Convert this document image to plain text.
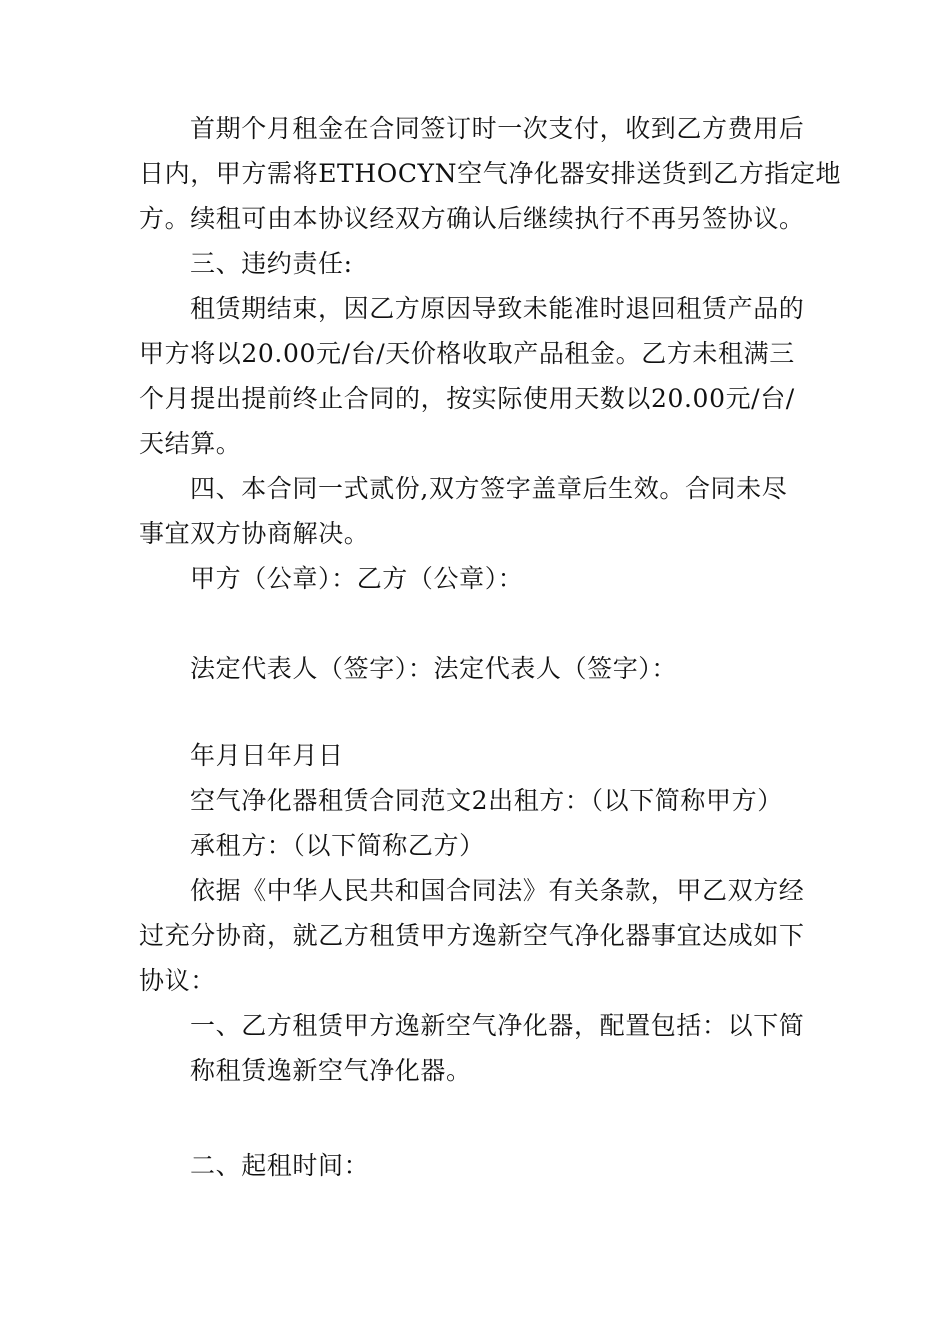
首期个月租金在合同签订时一次支付，收到乙方费用后
日内，甲方需将ETHOCYN空气净化器安排送货到乙方指定地
方。续租可由本协议经双方确认后继续执行不再另签协议。
三、违约责任:
租赁期结束，因乙方原因导致未能准时退回租赁产品的
甲方将以20.00元/台/天价格收取产品租金。乙方未租满三
个月提出提前终止合同的，按实际使用天数以20.00元/台/
天结算。
四、本合同一式贰份,双方签字盖章后生效。合同未尽
事宜双方协商解决。
甲方（公章）：乙方（公章）：
法定代表人（签字）：法定代表人（签字）：
年月日年月日
空气净化器租赁合同范文2出租方：（以下简称甲方）
承租方：（以下简称乙方）
依据《中华人民共和国合同法》有关条款，甲乙双方经
过充分协商，就乙方租赁甲方逸新空气净化器事宜达成如下
协议：
一、乙方租赁甲方逸新空气净化器，配置包括：以下简
称租赁逸新空气净化器。
二、起租时间：
